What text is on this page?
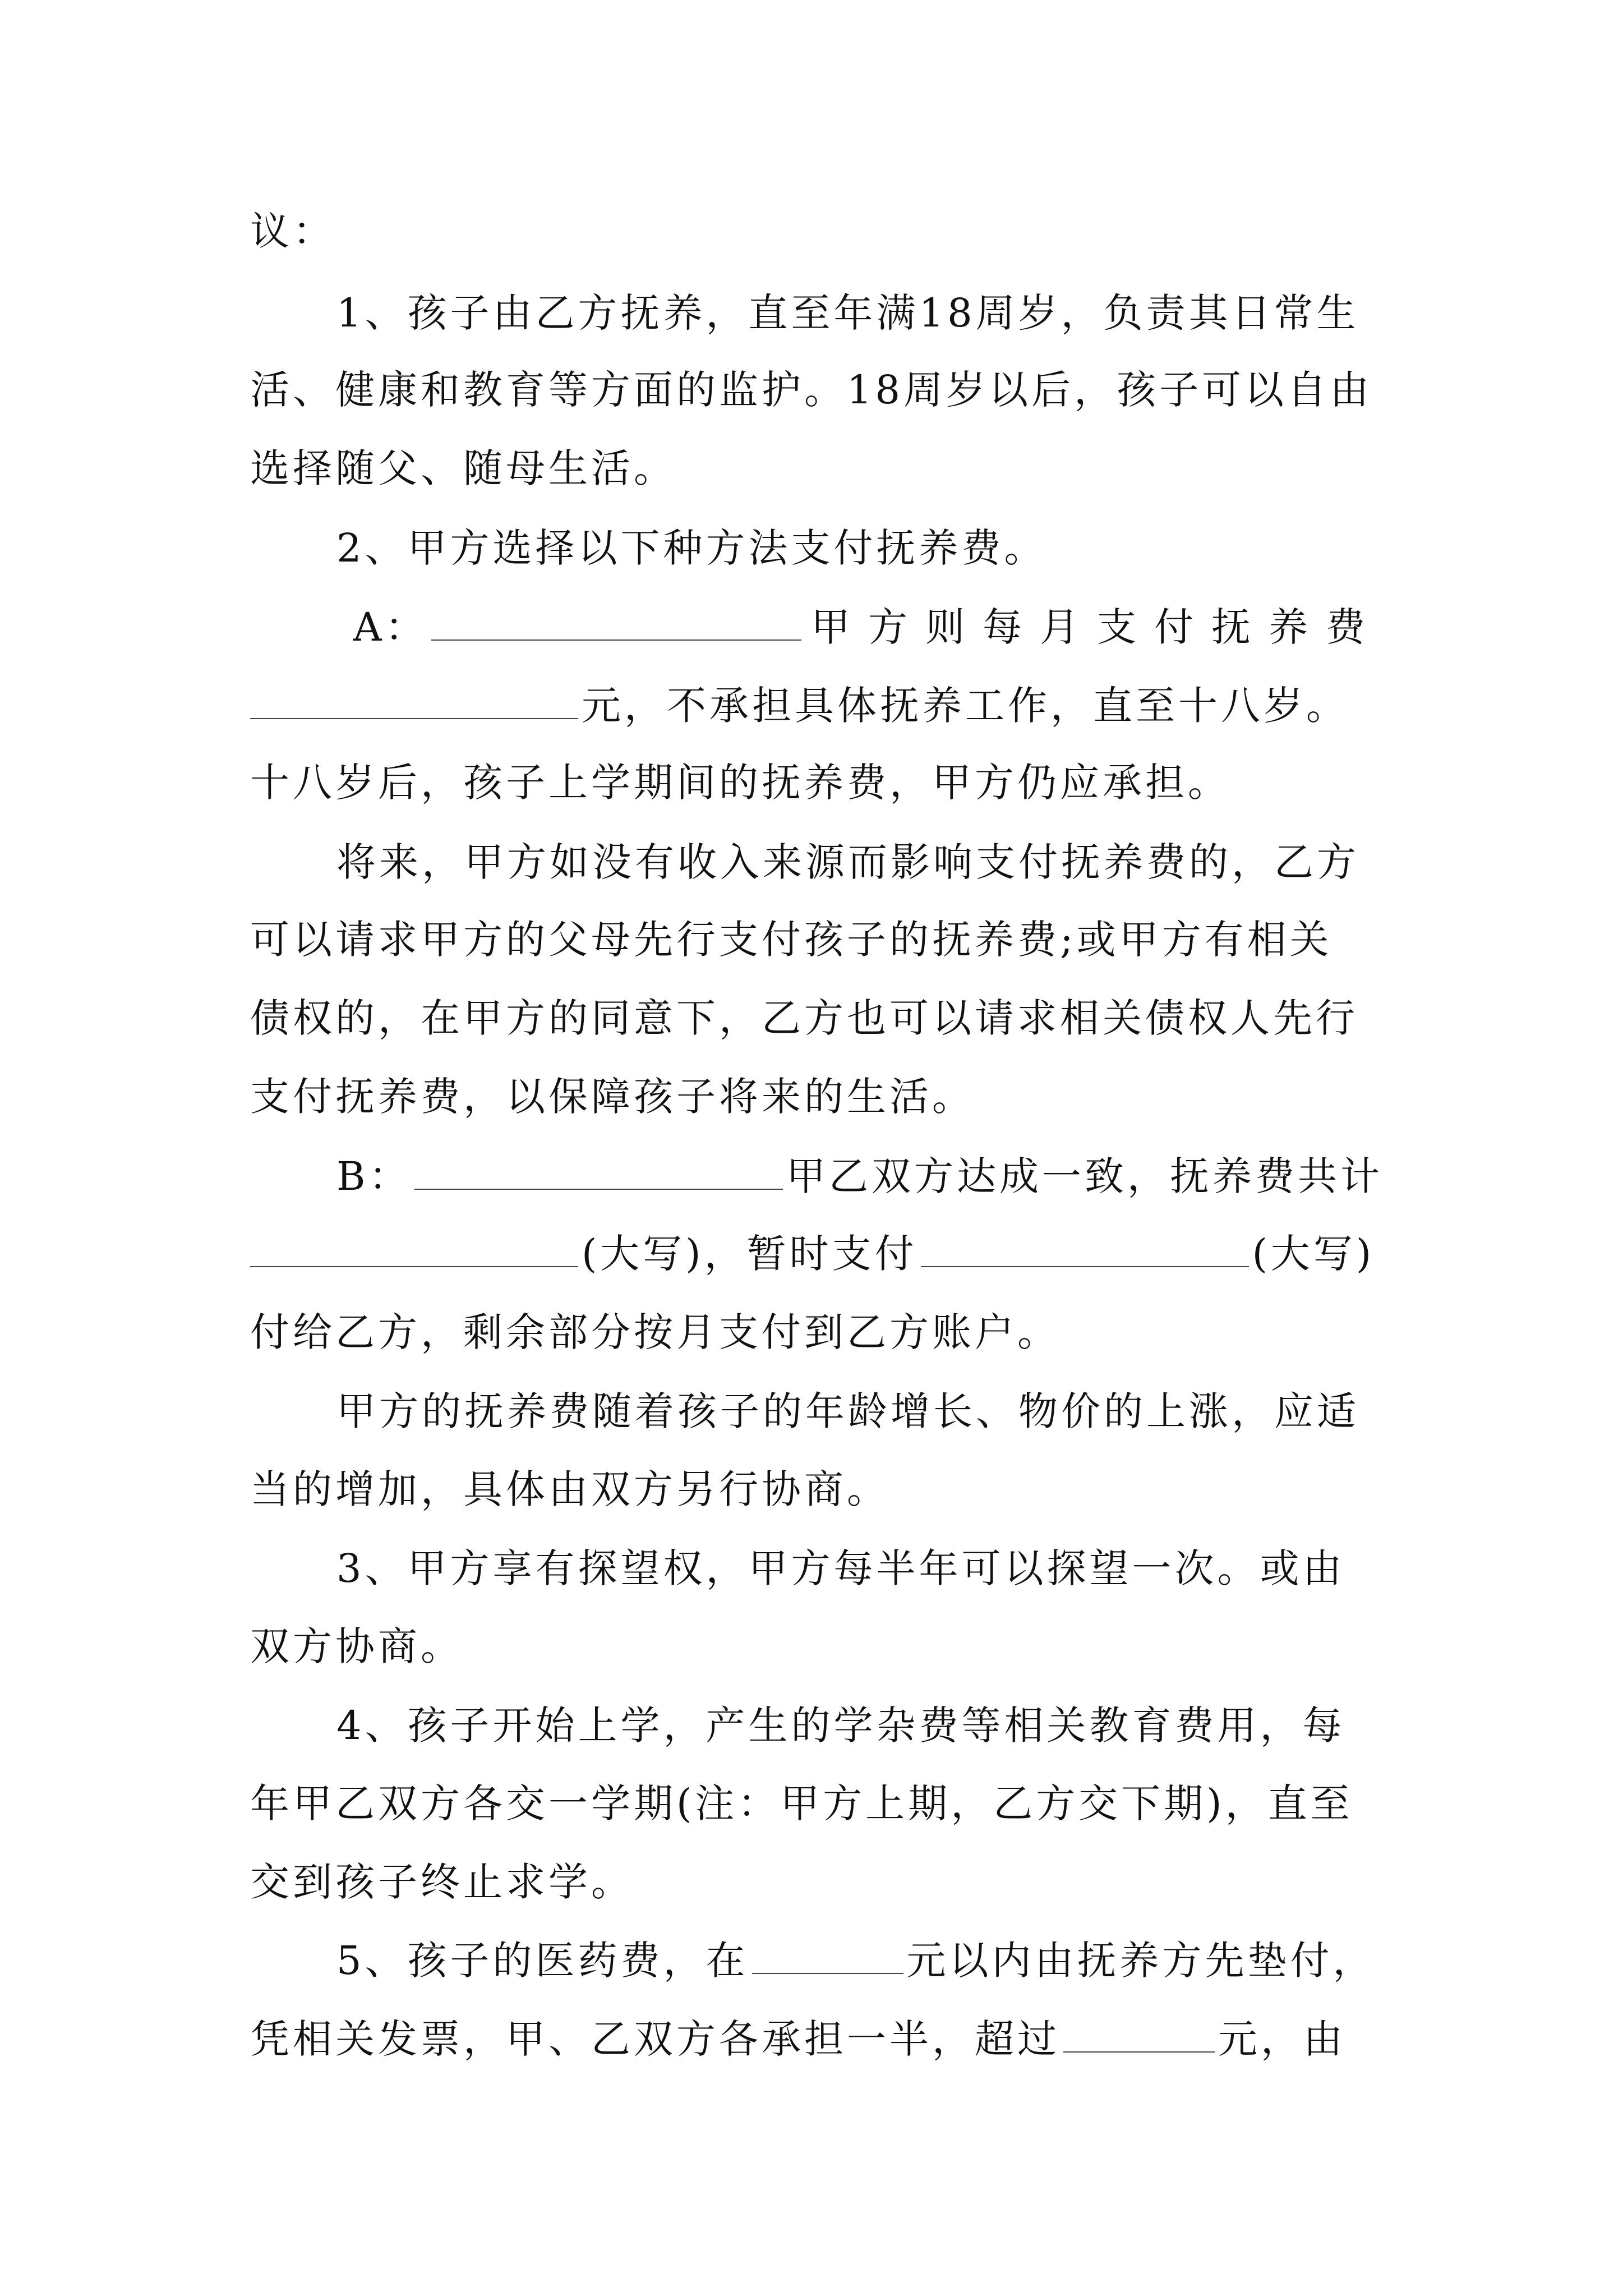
议：
1、孩子由乙方抚养，直至年满18周岁，负责其日常生
活、健康和教育等方面的监护。18周岁以后，孩子可以自由
选择随父、随母生活。
2、甲方选择以下种方法支付抚养费。
A：	甲方则每月支付抚养费
元，不承担具体抚养工作，直至十八岁。
十八岁后，孩子上学期间的抚养费，甲方仍应承担。
将来，甲方如没有收入来源而影响支付抚养费的，乙方
可以请求甲方的父母先行支付孩子的抚养费;或甲方有相关
债权的，在甲方的同意下，乙方也可以请求相关债权人先行
支付抚养费，以保障孩子将来的生活。
B：	甲乙双方达成一致，抚养费共计
(大写)，暂时支付	(大写)
付给乙方，剩余部分按月支付到乙方账户。
甲方的抚养费随着孩子的年龄增长、物价的上涨，应适
当的增加，具体由双方另行协商。
3、甲方享有探望权，甲方每半年可以探望一次。或由
双方协商。
4、孩子开始上学，产生的学杂费等相关教育费用，每
年甲乙双方各交一学期(注：甲方上期，乙方交下期)，直至
交到孩子终止求学。
5、孩子的医药费，在	元以内由抚养方先垫付，
凭相关发票，甲、乙双方各承担一半，超过	元，由
